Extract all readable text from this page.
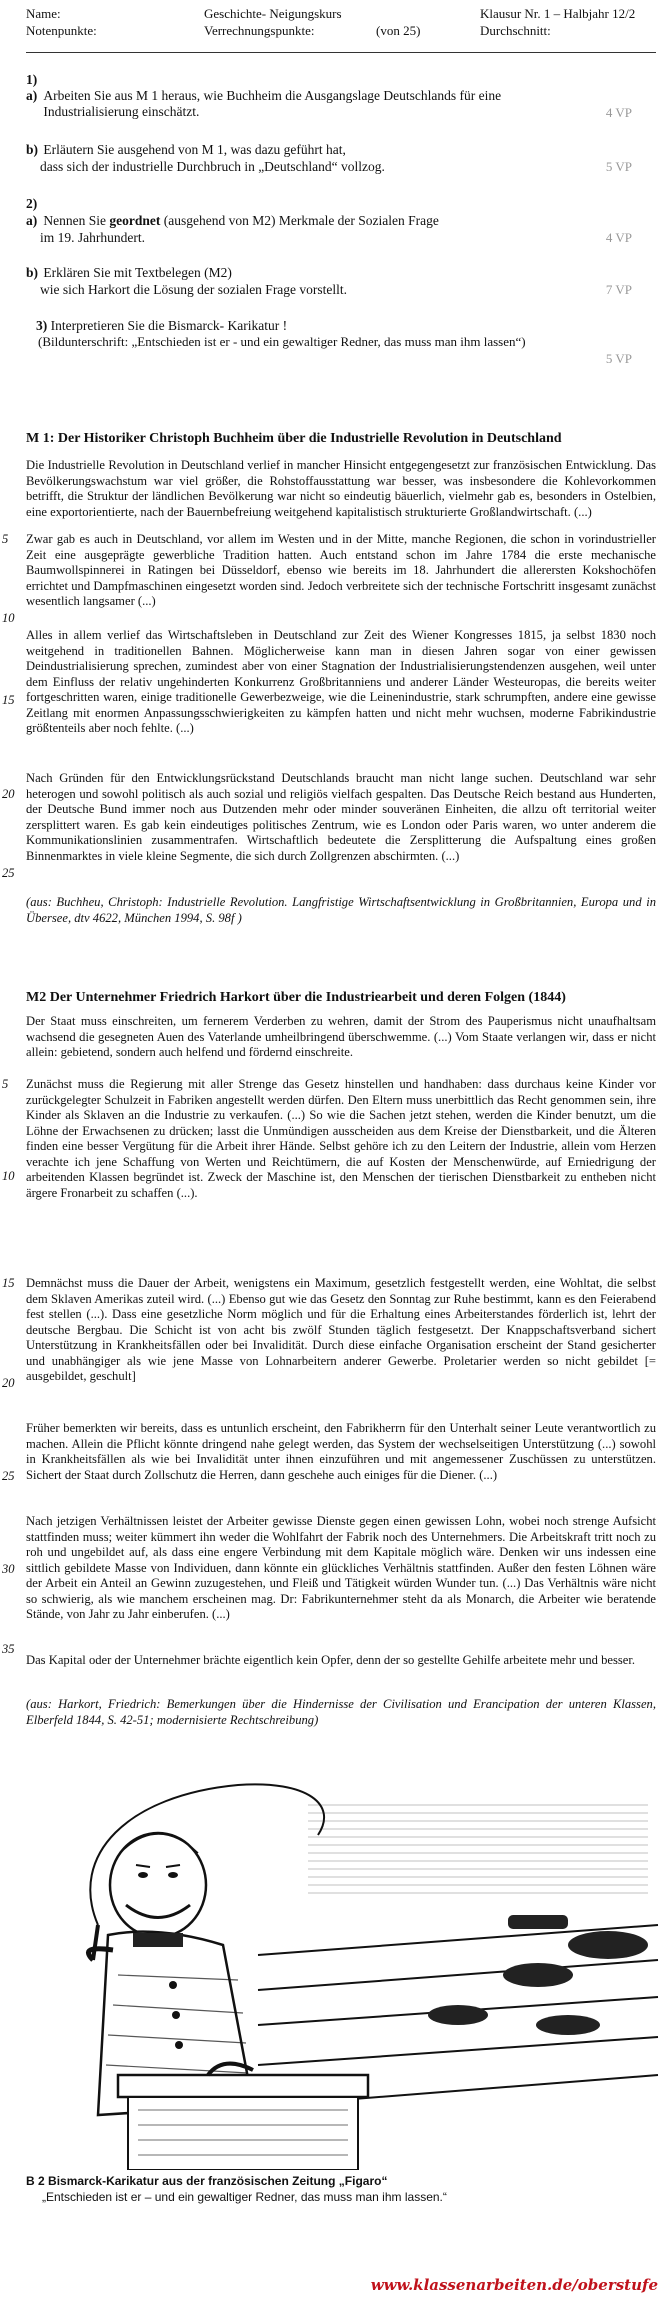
Name:	Geschichte- Neigungskurs	Klausur Nr. 1 – Halbjahr 12/2
Notenpunkte:	Verrechnungspunkte:	(von 25)	Durchschnitt:
1)
a) Arbeiten Sie aus M 1 heraus, wie Buchheim die Ausgangslage Deutschlands für eine Industrialisierung einschätzt.	4 VP
b) Erläutern Sie ausgehend von M 1, was dazu geführt hat,
dass sich der industrielle Durchbruch in „Deutschland“ vollzog.	5 VP
2)
a) Nennen Sie geordnet (ausgehend von M2) Merkmale der Sozialen Frage
im 19. Jahrhundert.	4 VP
b) Erklären Sie mit Textbelegen (M2)
wie sich Harkort die Lösung der sozialen Frage vorstellt.	7 VP
3) Interpretieren Sie die Bismarck- Karikatur !
(Bildunterschrift: „Entschieden ist er - und ein gewaltiger Redner, das muss man ihm lassen“)
5 VP
M 1: Der Historiker Christoph Buchheim über die Industrielle Revolution in Deutschland
Die Industrielle Revolution in Deutschland verlief in mancher Hinsicht entgegengesetzt zur französischen Entwicklung. Das Bevölkerungswachstum war viel größer, die Rohstoffausstattung war besser, was insbesondere die Kohlevorkommen betrifft, die Struktur der ländlichen Bevölkerung war nicht so eindeutig bäuerlich, vielmehr gab es, besonders in Ostelbien, eine exportorientierte, nach der Bauernbefreiung weitgehend kapitalistisch strukturierte Großlandwirtschaft. (...)
Zwar gab es auch in Deutschland, vor allem im Westen und in der Mitte, manche Regionen, die schon in vorindustrieller Zeit eine ausgeprägte gewerbliche Tradition hatten. Auch entstand schon im Jahre 1784 die erste mechanische Baumwollspinnerei in Ratingen bei Düsseldorf, ebenso wie bereits im 18. Jahrhundert die allerersten Kokshochöfen errichtet und Dampfmaschinen eingesetzt worden sind. Jedoch verbreitete sich der technische Fortschritt insgesamt zunächst wesentlich langsamer (...)
Alles in allem verlief das Wirtschaftsleben in Deutschland zur Zeit des Wiener Kongresses 1815, ja selbst 1830 noch weitgehend in traditionellen Bahnen. Möglicherweise kann man in diesen Jahren sogar von einer gewissen Deindustrialisierung sprechen, zumindest aber von einer Stagnation der Industrialisierungstendenzen ausgehen, weil unter dem Einfluss der relativ ungehinderten Konkurrenz Großbritanniens und anderer Länder Westeuropas, die bereits weiter fortgeschritten waren, einige traditionelle Gewerbezweige, wie die Leinenindustrie, stark schrumpften, andere eine gewisse Zeitlang mit enormen Anpassungsschwierigkeiten zu kämpfen hatten und nicht mehr wuchsen, moderne Fabrikindustrie größtenteils aber noch fehlte. (...)
Nach Gründen für den Entwicklungsrückstand Deutschlands braucht man nicht lange suchen. Deutschland war sehr heterogen und sowohl politisch als auch sozial und religiös vielfach gespalten. Das Deutsche Reich bestand aus Hunderten, der Deutsche Bund immer noch aus Dutzenden mehr oder minder souveränen Einheiten, die allzu oft territorial weiter zersplittert waren. Es gab kein eindeutiges politisches Zentrum, wie es London oder Paris waren, wo unter anderem die Kommunikationslinien zusammentrafen. Wirtschaftlich bedeutete die Zersplitterung die Aufspaltung eines großen Binnenmarktes in viele kleine Segmente, die sich durch Zollgrenzen abschirmten. (...)
(aus: Buchheu, Christoph: Industrielle Revolution. Langfristige Wirtschaftsentwicklung in Großbritannien, Europa und in Übersee, dtv 4622, München 1994, S. 98f )
5
10
15
20
25
M2 Der Unternehmer Friedrich Harkort über die Industriearbeit und deren Folgen (1844)
Der Staat muss einschreiten, um fernerem Verderben zu wehren, damit der Strom des Pauperismus nicht unaufhaltsam wachsend die gesegneten Auen des Vaterlande umheilbringend überschwemme. (...) Vom Staate verlangen wir, dass er nicht allein: gebietend, sondern auch helfend und fördernd einschreite.
Zunächst muss die Regierung mit aller Strenge das Gesetz hinstellen und handhaben: dass durchaus keine Kinder vor zurückgelegter Schulzeit in Fabriken angestellt werden dürfen. Den Eltern muss unerbittlich das Recht genommen sein, ihre Kinder als Sklaven an die Industrie zu verkaufen. (...) So wie die Sachen jetzt stehen, werden die Kinder benutzt, um die Löhne der Erwachsenen zu drücken; lasst die Unmündigen ausscheiden aus dem Kreise der Dienstbarkeit, und die Älteren finden eine besser Vergütung für die Arbeit ihrer Hände. Selbst gehöre ich zu den Leitern der Industrie, allein vom Herzen verachte ich jene Schaffung von Werten und Reichtümern, die auf Kosten der Menschenwürde, auf Erniedrigung der arbeitenden Klassen begründet ist. Zweck der Maschine ist, den Menschen der tierischen Dienstbarkeit zu entheben nicht ärgere Fronarbeit zu schaffen (...).
Demnächst muss die Dauer der Arbeit, wenigstens ein Maximum, gesetzlich festgestellt werden, eine Wohltat, die selbst dem Sklaven Amerikas zuteil wird. (...) Ebenso gut wie das Gesetz den Sonntag zur Ruhe bestimmt, kann es den Feierabend fest stellen (...). Dass eine gesetzliche Norm möglich und für die Erhaltung eines Arbeiterstandes förderlich ist, lehrt der deutsche Bergbau. Die Schicht ist von acht bis zwölf Stunden täglich festgesetzt. Der Knappschaftsverband sichert Unterstützung in Krankheitsfällen oder bei Invalidität. Durch diese einfache Organisation erscheint der Stand gesicherter und unabhängiger als wie jene Masse von Lohnarbeitern anderer Gewerbe. Proletarier werden so nicht gebildet [= ausgebildet, geschult]
Früher bemerkten wir bereits, dass es untunlich erscheint, den Fabrikherrn für den Unterhalt seiner Leute verantwortlich zu machen. Allein die Pflicht könnte dringend nahe gelegt werden, das System der wechselseitigen Unterstützung (...) sowohl in Krankheitsfällen als wie bei Invalidität unter ihnen einzuführen und mit angemessener Zuschüssen zu unterstützen. Sichert der Staat durch Zollschutz die Herren, dann geschehe auch einiges für die Diener. (...)
Nach jetzigen Verhältnissen leistet der Arbeiter gewisse Dienste gegen einen gewissen Lohn, wobei noch strenge Aufsicht stattfinden muss; weiter kümmert ihn weder die Wohlfahrt der Fabrik noch des Unternehmers. Die Arbeitskraft tritt noch zu roh und ungebildet auf, als dass eine engere Verbindung mit dem Kapitale möglich wäre. Denken wir uns indessen eine sittlich gebildete Masse von Individuen, dann könnte ein glückliches Verhältnis stattfinden. Außer den festen Löhnen wäre der Arbeit ein Anteil an Gewinn zuzugestehen, und Fleiß und Tätigkeit würden Wunder tun. (...) Das Verhältnis wäre nicht so schwierig, als wie manchem erscheinen mag. Dr: Fabrikunternehmer steht da als Monarch, die Arbeiter wie beratende Stände, von Jahr zu Jahr einberufen. (...)
Das Kapital oder der Unternehmer brächte eigentlich kein Opfer, denn der so gestellte Gehilfe arbeitete mehr und besser.
(aus: Harkort, Friedrich: Bemerkungen über die Hindernisse der Civilisation und Erancipation der unteren Klassen, Elberfeld 1844, S. 42-51; modernisierte Rechtschreibung)
5
10
15
20
25
30
35
B 2 Bismarck-Karikatur aus der französischen Zeitung „Figaro“
„Entschieden ist er – und ein gewaltiger Redner, das muss man ihm lassen.“
www.klassenarbeiten.de/oberstufe
